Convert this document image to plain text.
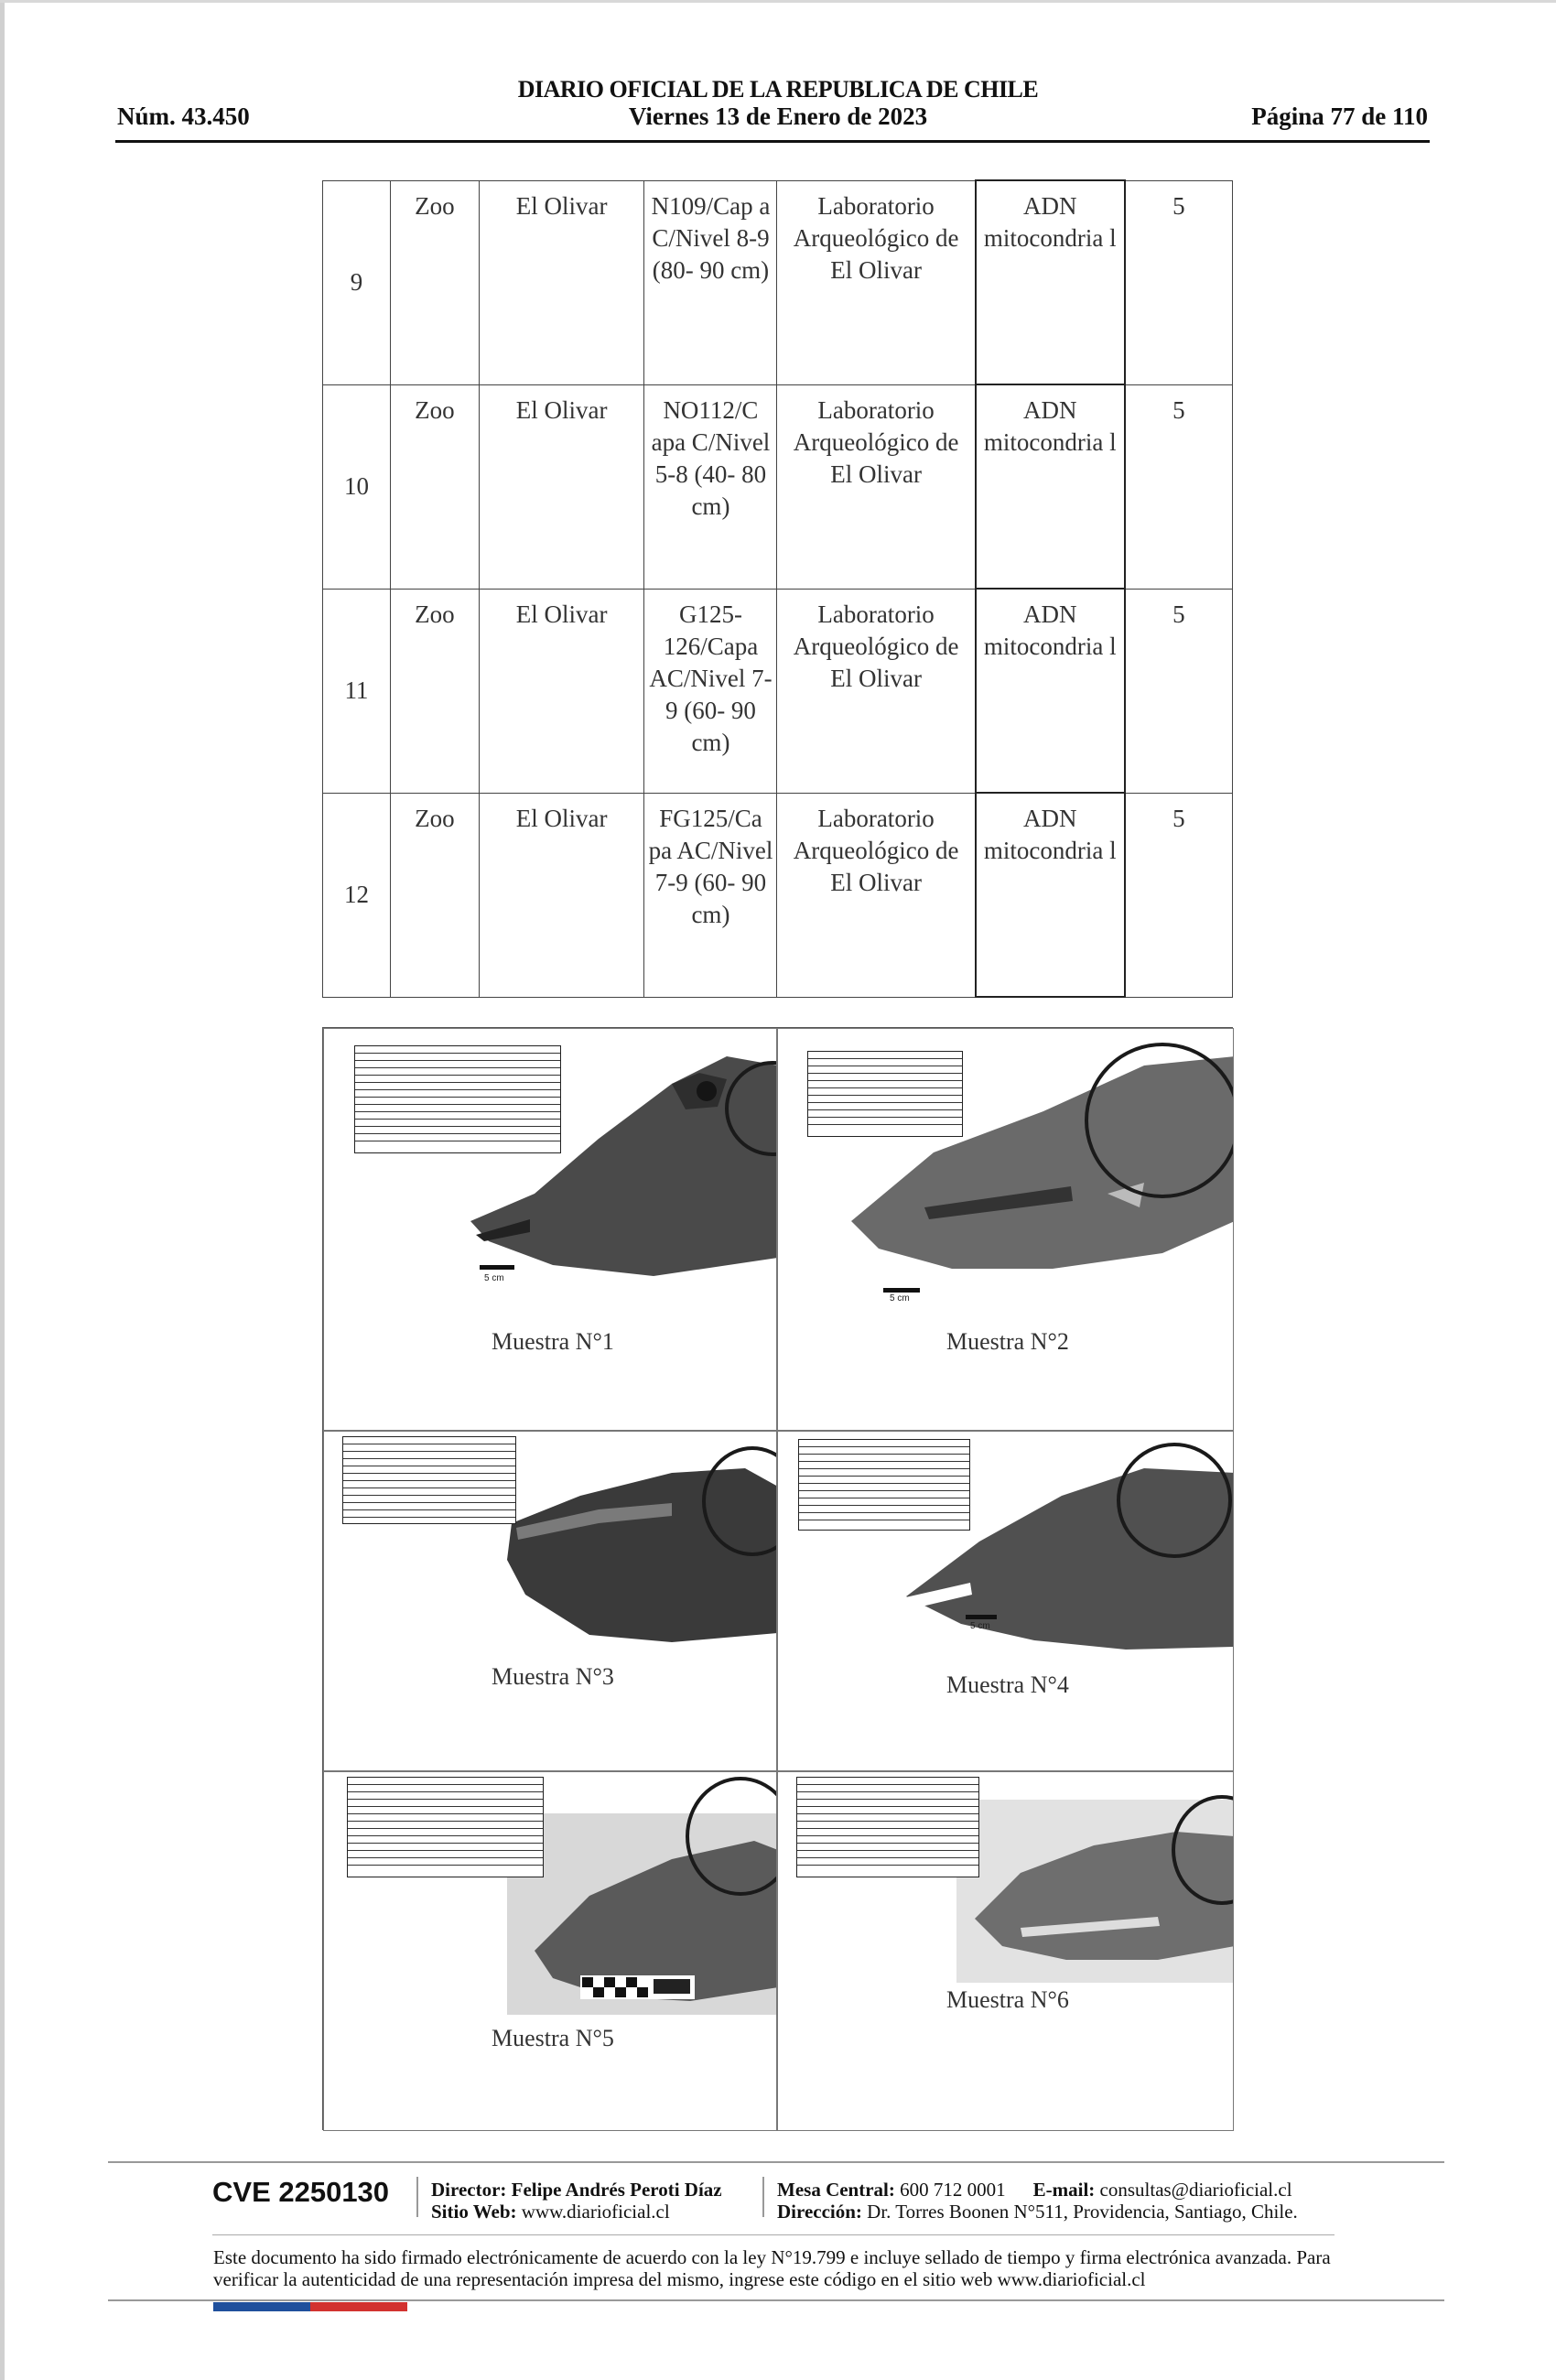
DIARIO OFICIAL DE LA REPUBLICA DE CHILE
Núm. 43.450	Viernes 13 de Enero de 2023	Página 77 de 110
9	Zoo	El Olivar	N109/Cap a C/Nivel 8-9 (80- 90 cm)	Laboratorio Arqueológico de El Olivar	ADN mitocondria l	5
10	Zoo	El Olivar	NO112/C apa C/Nivel 5-8 (40- 80 cm)	Laboratorio Arqueológico de El Olivar	ADN mitocondria l	5
11	Zoo	El Olivar	G125- 126/Capa AC/Nivel 7-9 (60- 90 cm)	Laboratorio Arqueológico de El Olivar	ADN mitocondria l	5
12	Zoo	El Olivar	FG125/Ca pa AC/Nivel 7-9 (60- 90 cm)	Laboratorio Arqueológico de El Olivar	ADN mitocondria l	5
5 cm
Muestra N°1
5 cm
Muestra N°2
Muestra N°3
5 cm
Muestra N°4
Muestra N°5
Muestra N°6
CVE 2250130 Director: Felipe Andrés Peroti Díaz
Sitio Web: www.diarioficial.cl
Mesa Central: 600 712 0001 E-mail: consultas@diarioficial.cl
Dirección: Dr. Torres Boonen N°511, Providencia, Santiago, Chile.
Este documento ha sido firmado electrónicamente de acuerdo con la ley N°19.799 e incluye sellado de tiempo y firma electrónica avanzada. Para verificar la autenticidad de una representación impresa del mismo, ingrese este código en el sitio web www.diarioficial.cl
